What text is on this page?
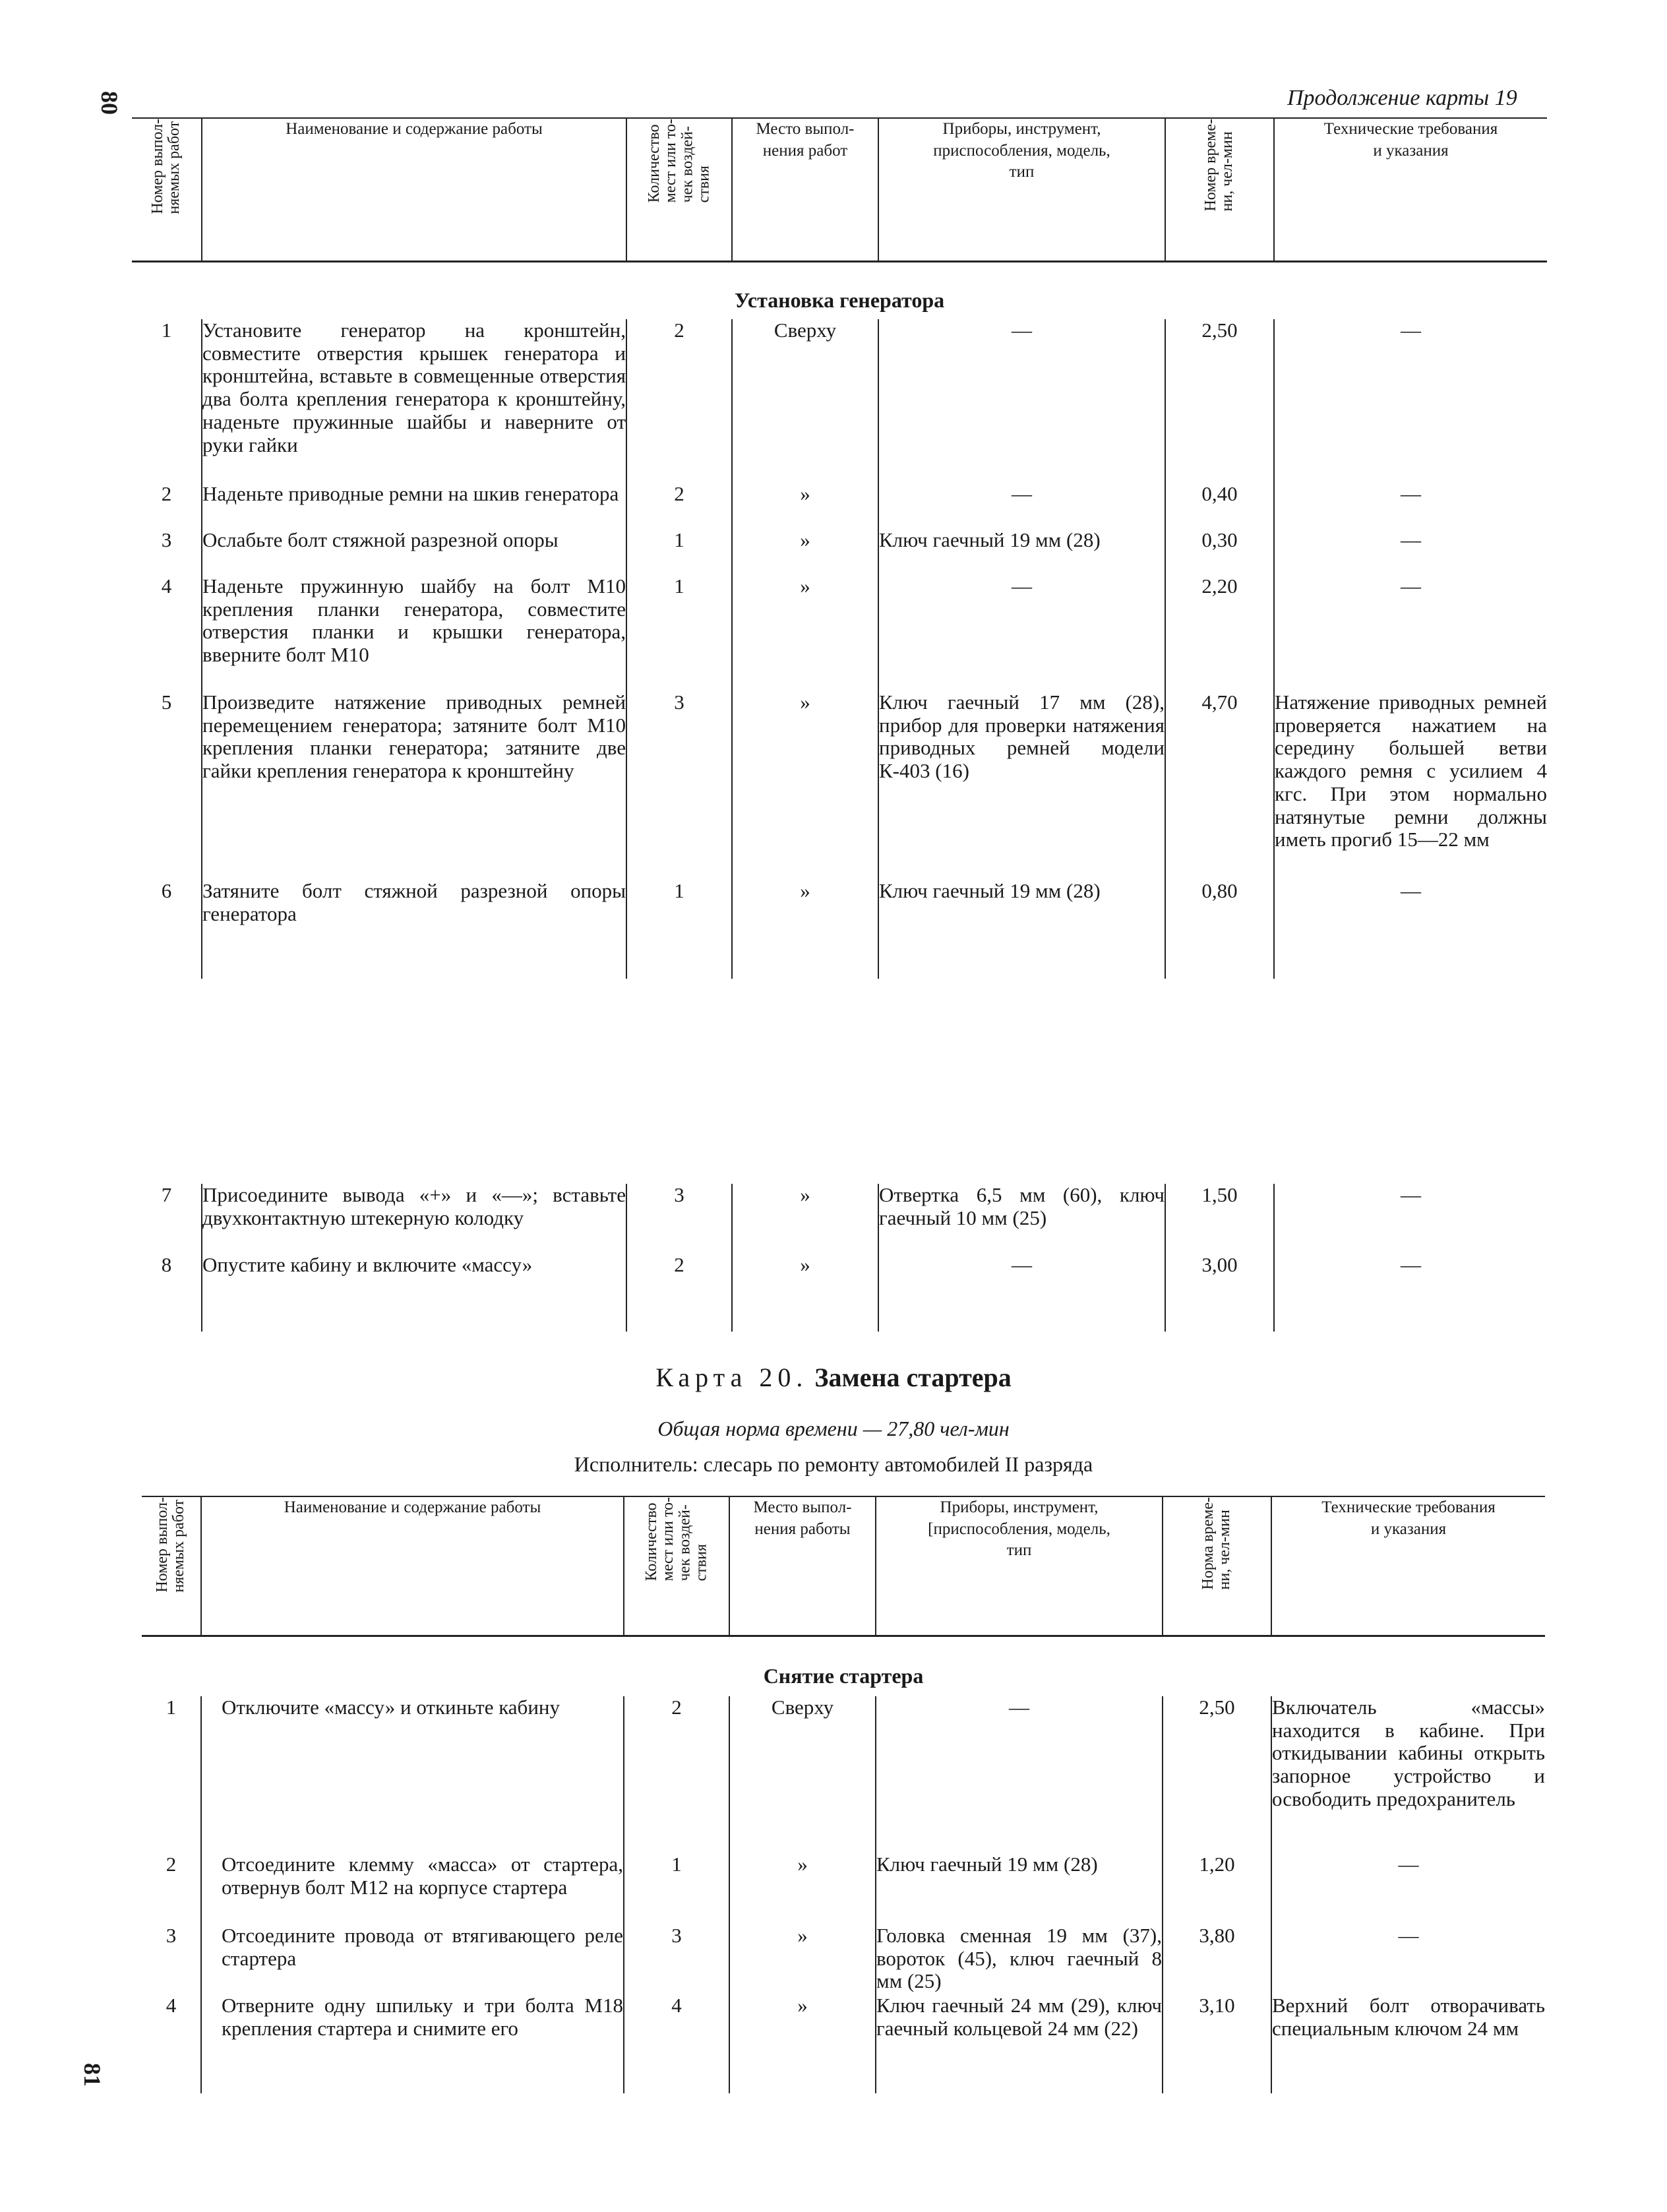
80	Продолжение карты 19
Номер выпол-
няемых работ	Наименование и содержание работы	Количество
мест или то-
чек воздей-
ствия	Место выпол-
нения работ	Приборы, инструмент,
приспособления, модель,
тип	Номер време-
ни, чел-мин	Технические требования
и указания
Установка генератора						
1	Установите генератор на кронштейн, совместите отверстия крышек генератора и кронштейна, вставьте в совмещенные отверстия два болта крепления генератора к кронштейну, наденьте пружинные шайбы и наверните от руки гайки	2	Сверху	—	2,50	—
2	Наденьте приводные ремни на шкив генератора	2	»	—	0,40	—
3	Ослабьте болт стяжной разрезной опоры	1	»	Ключ гаечный 19 мм (28)	0,30	—
4	Наденьте пружинную шайбу на болт М10 крепления планки генератора, совместите отверстия планки и крышки генератора, вверните болт М10	1	»	—	2,20	—
5	Произведите натяжение приводных ремней перемещением генератора; затяните болт М10 крепления планки генератора; затяните две гайки крепления генератора к кронштейну	3	»	Ключ гаечный 17 мм (28), прибор для проверки натяжения приводных ремней модели К-403 (16)	4,70	Натяжение приводных ремней проверяется нажатием на середину большей ветви каждого ремня с усилием 4 кгс. При этом нормально натянутые ремни должны иметь прогиб 15—22 мм
6	Затяните болт стяжной разрезной опоры генератора	1	»	Ключ гаечный 19 мм (28)	0,80	—
7	Присоедините вывода «+» и «—»; вставьте двухконтактную штекерную колодку	3	»	Отвертка 6,5 мм (60), ключ гаечный 10 мм (25)	1,50	—
8	Опустите кабину и включите «массу»	2	»	—	3,00	—
Карта 20. Замена стартера
Общая норма времени — 27,80 чел-мин
Исполнитель: слесарь по ремонту автомобилей II разряда
Номер выпол-
няемых работ	Наименование и содержание работы	Количество
мест или то-
чек воздей-
ствия	Место выпол-
нения работы	Приборы, инструмент,
[приспособления, модель,
тип	Норма време-
ни, чел-мин	Технические требования
и указания
Снятие стартера						
1	Отключите «массу» и откиньте кабину	2	Сверху	—	2,50	Включатель «массы» находится в кабине. При откидывании кабины открыть запорное устройство и освободить предохранитель
2	Отсоедините клемму «масса» от стартера, отвернув болт М12 на корпусе стартера	1	»	Ключ гаечный 19 мм (28)	1,20	—
3	Отсоедините провода от втягивающего реле стартера	3	»	Головка сменная 19 мм (37), вороток (45), ключ гаечный 8 мм (25)	3,80	—
4	Отверните одну шпильку и три болта М18 крепления стартера и снимите его	4	»	Ключ гаечный 24 мм (29), ключ гаечный кольцевой 24 мм (22)	3,10	Верхний болт отворачивать специальным ключом 24 мм
81
